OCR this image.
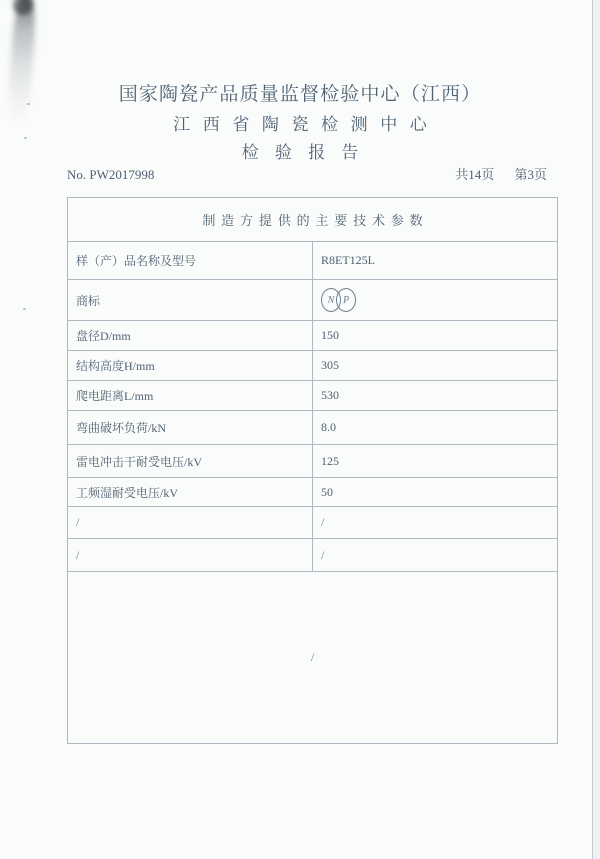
国家陶瓷产品质量监督检验中心（江西）
江西省陶瓷检测中心
检验报告
No. PW2017998	共14页 第3页
制造方提供的主要技术参数	
样（产）品名称及型号	R8ET125L
商标	N P

盘径D/mm	150
结构高度H/mm	305
爬电距离L/mm	530
弯曲破坏负荷/kN	8.0
雷电冲击干耐受电压/kV	125
工频湿耐受电压/kV	50
/	/
/	/
/	
